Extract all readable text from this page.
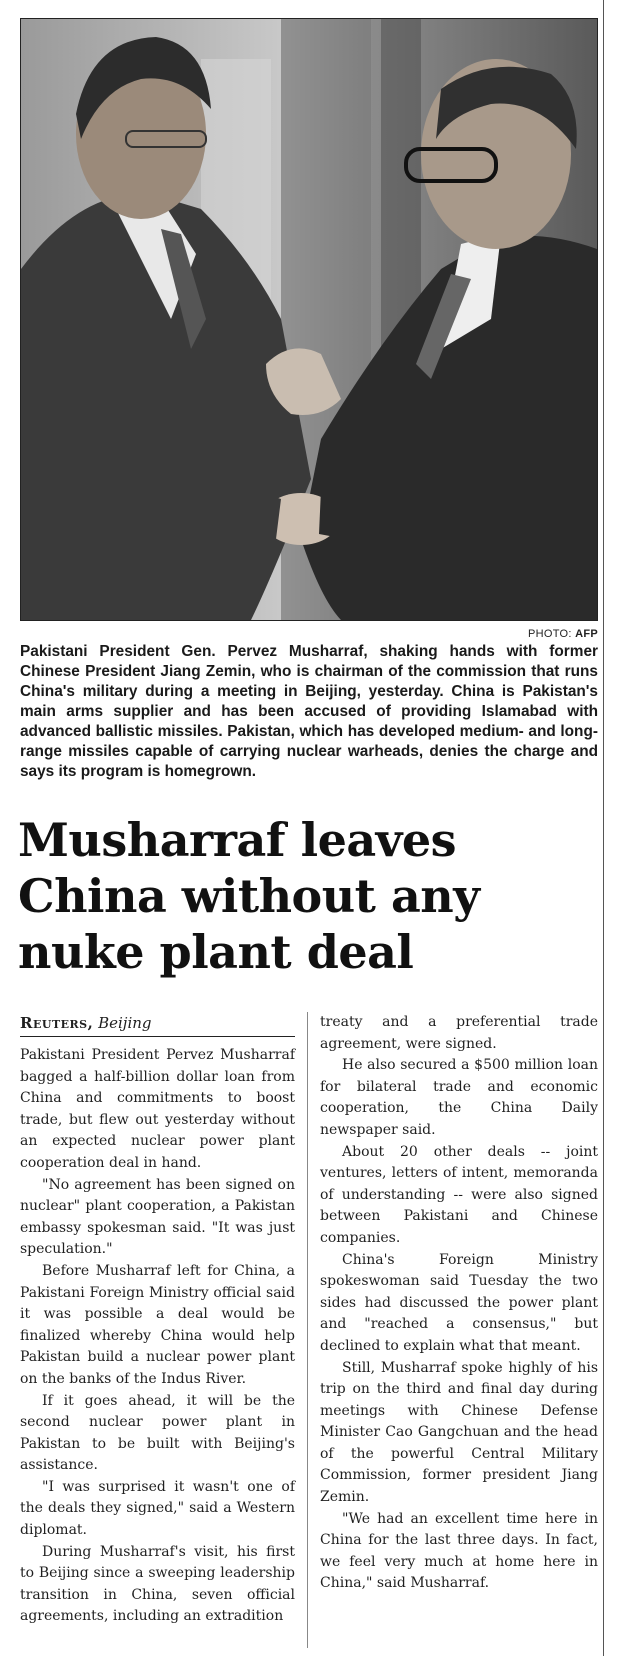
PHOTO: AFP
Pakistani President Gen. Pervez Musharraf, shaking hands with former Chinese President Jiang Zemin, who is chairman of the commission that runs China's military during a meeting in Beijing, yesterday. China is Pakistan's main arms supplier and has been accused of providing Islamabad with advanced ballistic missiles. Pakistan, which has developed medium- and long-range missiles capable of carrying nuclear warheads, denies the charge and says its program is homegrown.
Musharraf leaves China without any nuke plant deal
Reuters, Beijing

Pakistani President Pervez Musharraf bagged a half-billion dollar loan from China and commitments to boost trade, but flew out yesterday without an expected nuclear power plant cooperation deal in hand.

"No agreement has been signed on nuclear" plant cooperation, a Pakistan embassy spokesman said. "It was just speculation."

Before Musharraf left for China, a Pakistani Foreign Ministry official said it was possible a deal would be finalized whereby China would help Pakistan build a nuclear power plant on the banks of the Indus River.

If it goes ahead, it will be the second nuclear power plant in Pakistan to be built with Beijing's assistance.

"I was surprised it wasn't one of the deals they signed," said a Western diplomat.

During Musharraf's visit, his first to Beijing since a sweeping leadership transition in China, seven official agreements, including an extradition

treaty and a preferential trade agreement, were signed.

He also secured a $500 million loan for bilateral trade and economic cooperation, the China Daily newspaper said.

About 20 other deals -- joint ventures, letters of intent, memoranda of understanding -- were also signed between Pakistani and Chinese companies.

China's Foreign Ministry spokeswoman said Tuesday the two sides had discussed the power plant and "reached a consensus," but declined to explain what that meant.

Still, Musharraf spoke highly of his trip on the third and final day during meetings with Chinese Defense Minister Cao Gangchuan and the head of the powerful Central Military Commission, former president Jiang Zemin.

"We had an excellent time here in China for the last three days. In fact, we feel very much at home here in China," said Musharraf.
